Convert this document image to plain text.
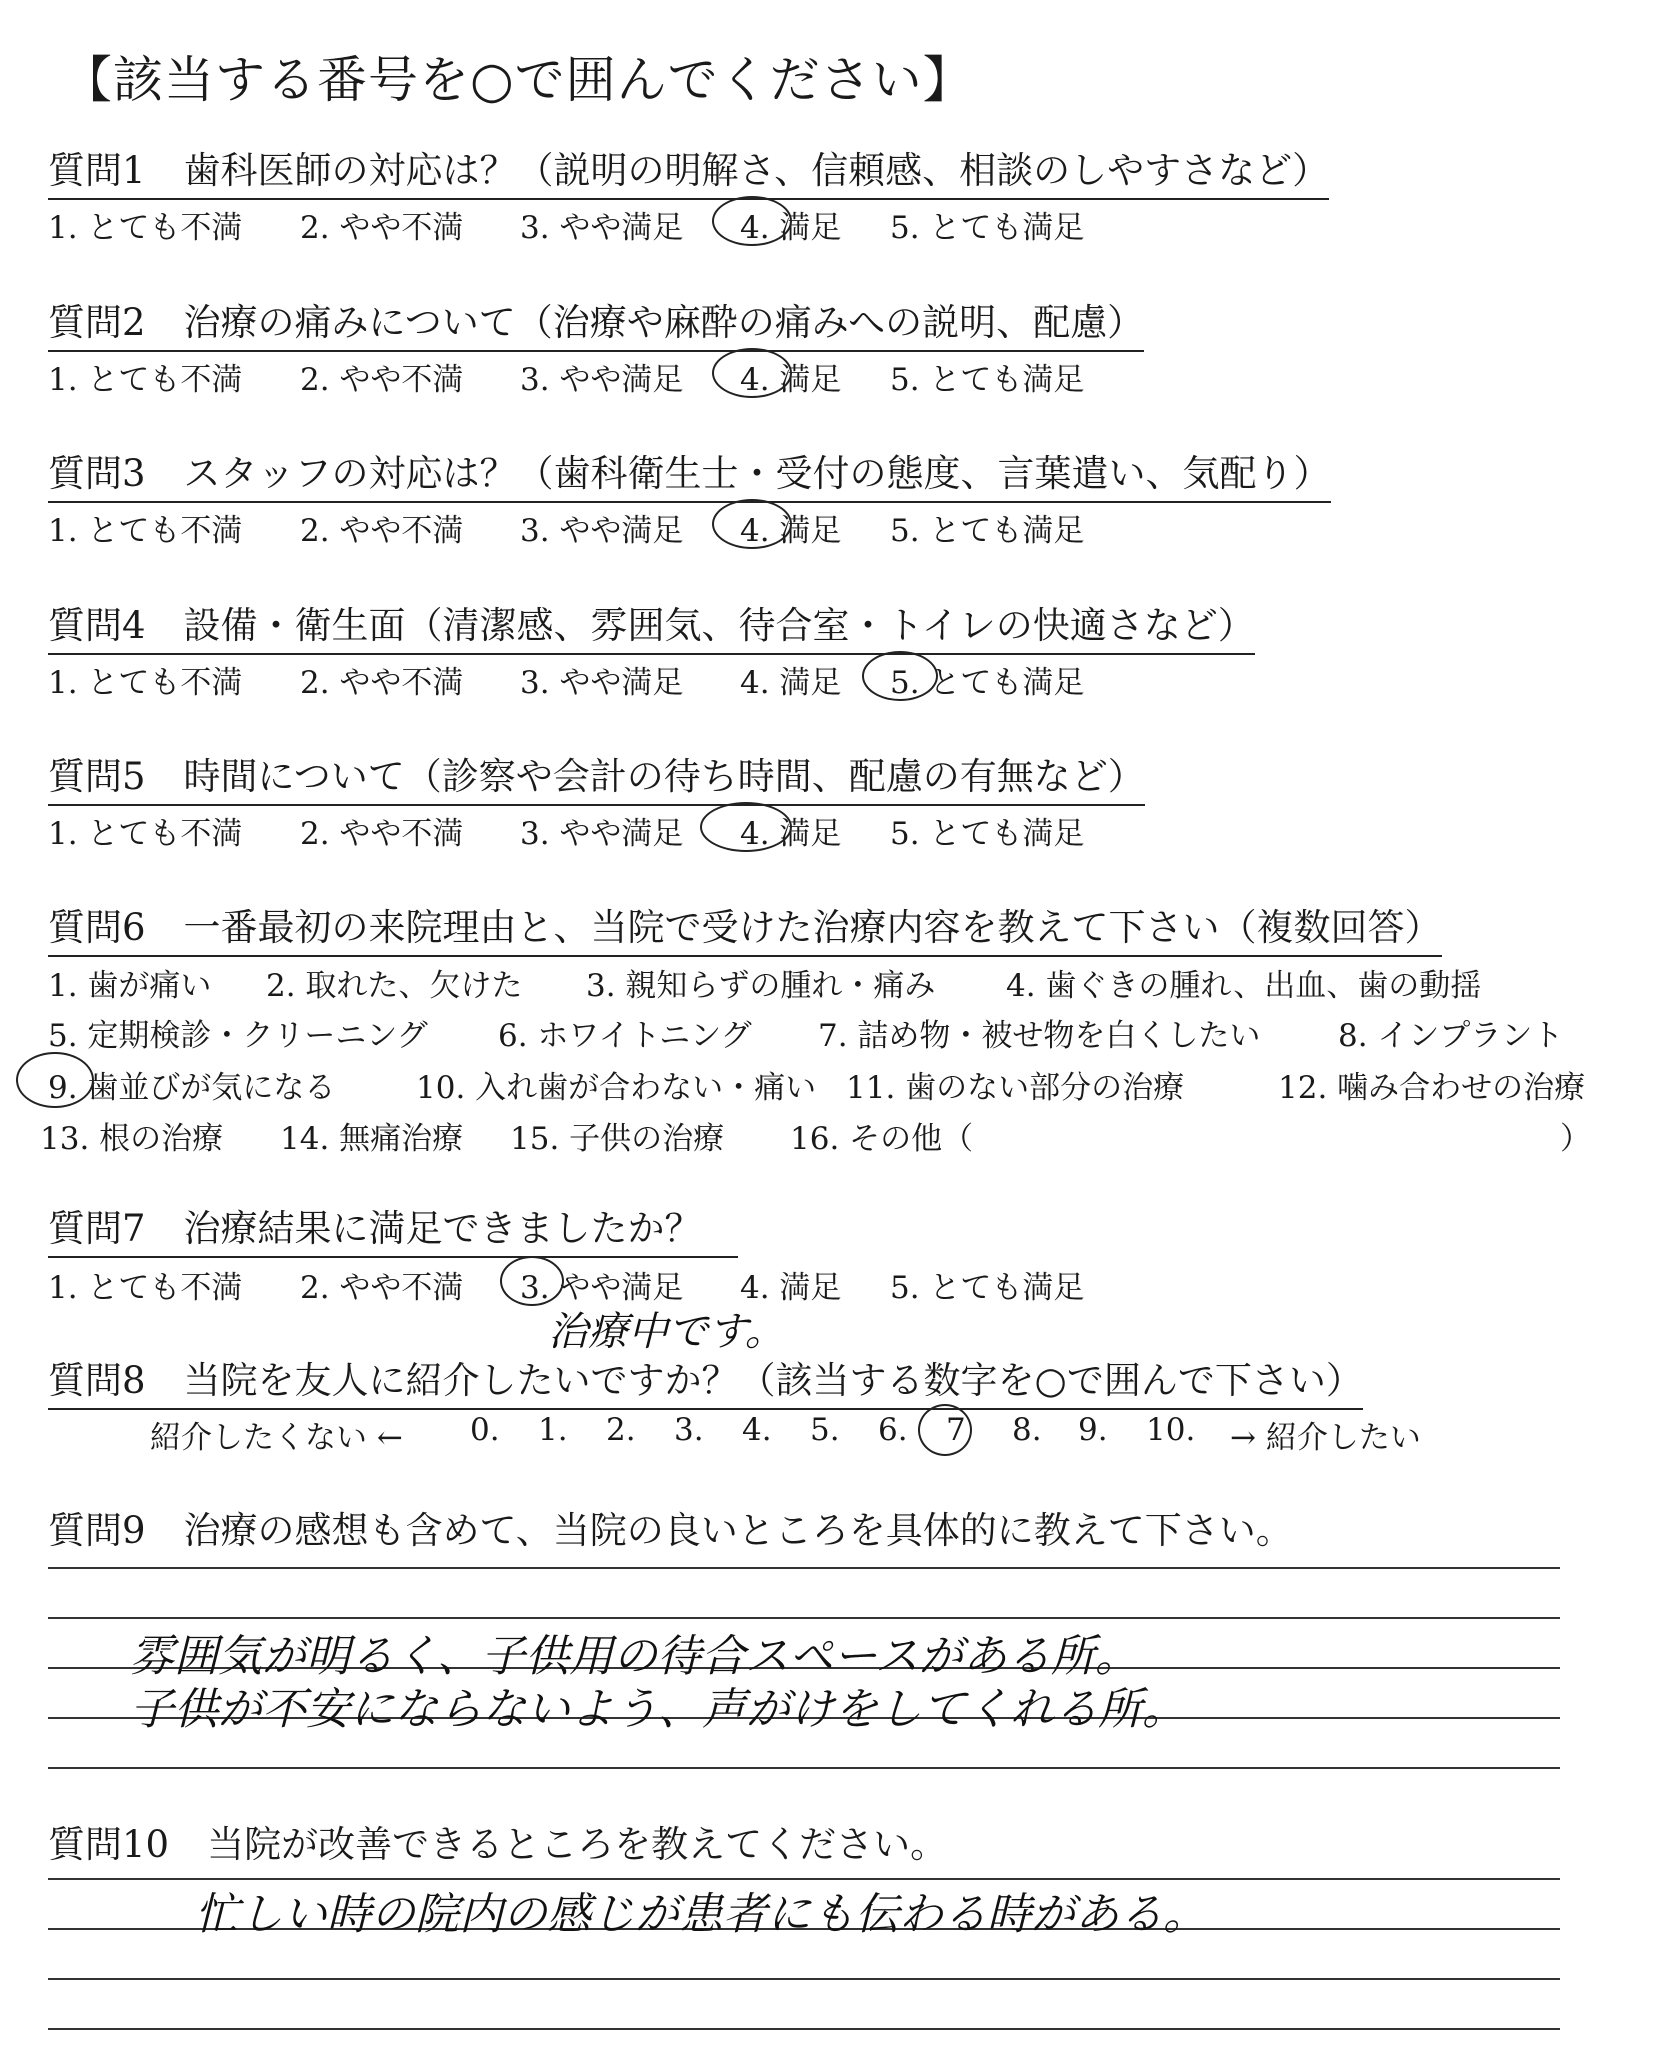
【該当する番号を○で囲んでください】
質問1 歯科医師の対応は？（説明の明解さ、信頼感、相談のしやすさなど）
1. とても不満 2. やや不満 3. やや満足 4. 満足 5. とても満足
質問2 治療の痛みについて（治療や麻酔の痛みへの説明、配慮）
1. とても不満 2. やや不満 3. やや満足 4. 満足 5. とても満足
質問3 スタッフの対応は？（歯科衛生士・受付の態度、言葉遣い、気配り）
1. とても不満 2. やや不満 3. やや満足 4. 満足 5. とても満足
質問4 設備・衛生面（清潔感、雰囲気、待合室・トイレの快適さなど）
1. とても不満 2. やや不満 3. やや満足 4. 満足 5. とても満足
質問5 時間について（診察や会計の待ち時間、配慮の有無など）
1. とても不満 2. やや不満 3. やや満足 4. 満足 5. とても満足
質問6 一番最初の来院理由と、当院で受けた治療内容を教えて下さい（複数回答）
1. 歯が痛い 2. 取れた、欠けた 3. 親知らずの腫れ・痛み 4. 歯ぐきの腫れ、出血、歯の動揺
5. 定期検診・クリーニング 6. ホワイトニング 7. 詰め物・被せ物を白くしたい	8. インプラント
9. 歯並びが気になる	10. 入れ歯が合わない・痛い 11. 歯のない部分の治療	12. 噛み合わせの治療
13. 根の治療 14. 無痛治療 15. 子供の治療 16. その他（	）
質問7 治療結果に満足できましたか？
1. とても不満 2. やや不満 3. やや満足 4. 満足 5. とても満足
治療中です。
質問8 当院を友人に紹介したいですか？（該当する数字を○で囲んで下さい）
紹介したくない ← 0. 1. 2. 3. 4. 5. 6. 7 8. 9. 10. → 紹介したい
質問9 治療の感想も含めて、当院の良いところを具体的に教えて下さい。
雰囲気が明るく、子供用の待合スペースがある所。
子供が不安にならないよう、声がけをしてくれる所。
質問10 当院が改善できるところを教えてください。
忙しい時の院内の感じが患者にも伝わる時がある。
